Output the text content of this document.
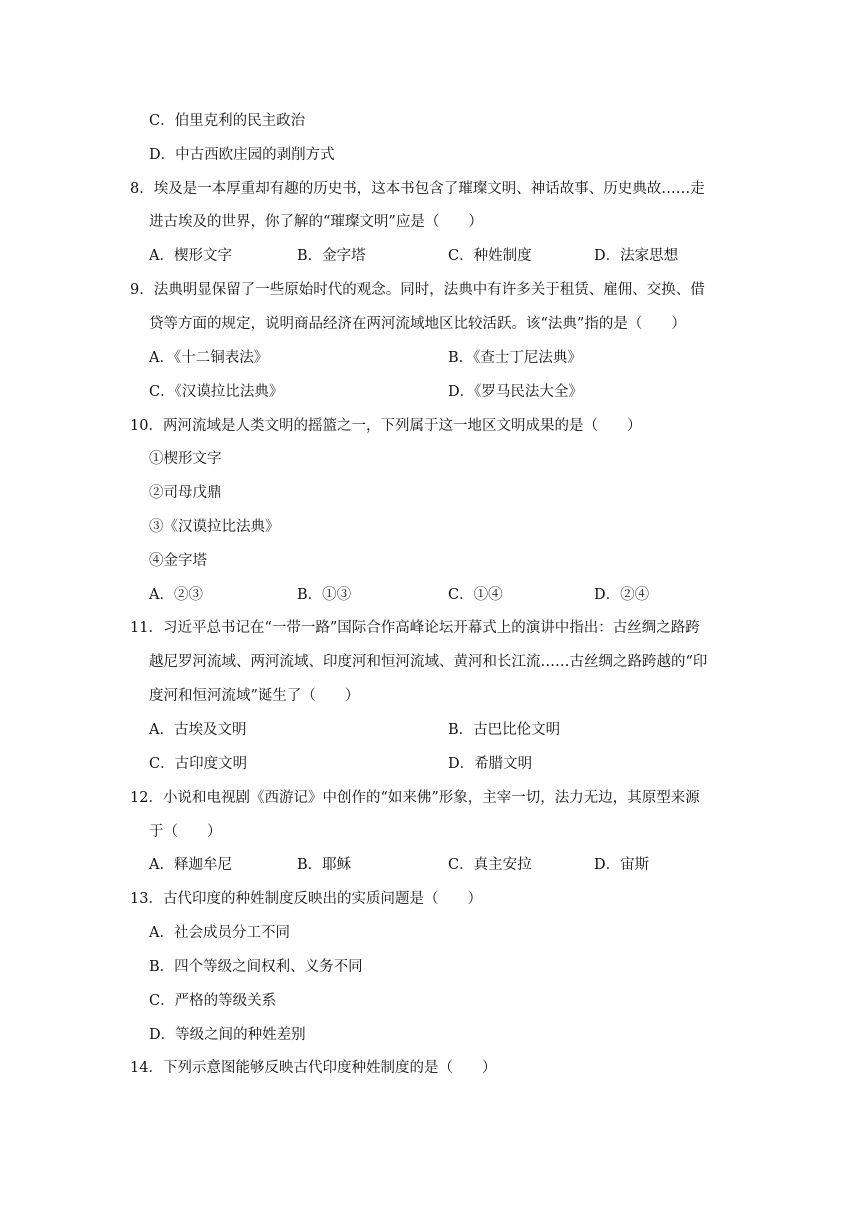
C．伯里克利的民主政治
D．中古西欧庄园的剥削方式
8．埃及是一本厚重却有趣的历史书，这本书包含了璀璨文明、神话故事、历史典故……走
进古埃及的世界，你了解的“璀璨文明”应是（　　）
A．楔形文字	B．金字塔	C．种姓制度	D．法家思想
9．法典明显保留了一些原始时代的观念。同时，法典中有许多关于租赁、雇佣、交换、借
贷等方面的规定，说明商品经济在两河流域地区比较活跃。该“法典”指的是（　　）
A．《十二铜表法》	B．《查士丁尼法典》
C．《汉谟拉比法典》	D．《罗马民法大全》
10．两河流域是人类文明的摇篮之一，下列属于这一地区文明成果的是（　　）
①楔形文字
②司母戊鼎
③《汉谟拉比法典》
④金字塔
A．②③	B．①③	C．①④	D．②④
11．习近平总书记在“一带一路”国际合作高峰论坛开幕式上的演讲中指出：古丝绸之路跨
越尼罗河流域、两河流域、印度河和恒河流域、黄河和长江流……古丝绸之路跨越的“印
度河和恒河流域”诞生了（　　）
A．古埃及文明	B．古巴比伦文明
C．古印度文明	D．希腊文明
12．小说和电视剧《西游记》中创作的“如来佛”形象，主宰一切，法力无边，其原型来源
于（　　）
A．释迦牟尼	B．耶稣	C．真主安拉	D．宙斯
13．古代印度的种姓制度反映出的实质问题是（　　）
A．社会成员分工不同
B．四个等级之间权利、义务不同
C．严格的等级关系
D．等级之间的种姓差别
14．下列示意图能够反映古代印度种姓制度的是（　　）
